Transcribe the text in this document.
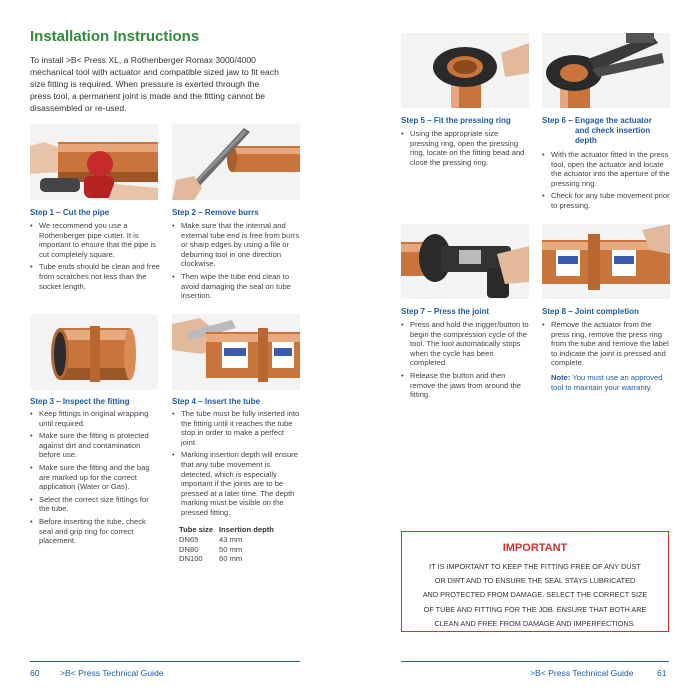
Installation Instructions
To install >B< Press XL, a Rothenberger Romax 3000/4000 mechanical tool with actuator and compatible sized jaw to fit each size fitting is required. When pressure is exerted through the press tool, a permanent joint is made and the fitting cannot be disassembled or re-used.
Step 1 – Cut the pipe
• We recommend you use a Rothenberger pipe cutter. It is important to ensure that the pipe is cut completely square.
• Tube ends should be clean and free from scratches not less than the socket length.
Step 2 – Remove burrs
• Make sure that the internal and external tube end is free from burrs or sharp edges by using a file or deburring tool in one direction clockwise.
• Then wipe the tube end clean to avoid damaging the seal on tube insertion.
Step 3 – Inspect the fitting
• Keep fittings in original wrapping until required.
• Make sure the fitting is protected against dirt and contamination before use.
• Make sure the fitting and the bag are marked up for the correct application (Water or Gas).
• Select the correct size fittings for the tube.
• Before inserting the tube, check seal and grip ring for correct placement.
Step 4 – Insert the tube
• The tube must be fully inserted into the fitting until it reaches the tube stop in order to make a perfect joint.
• Marking insertion depth will ensure that any tube movement is detected, which is especially important if the joints are to be pressed at a later time. The depth marking must be visible on the pressed fitting.
Tube size	Insertion depth
DN65	43 mm
DN80	50 mm
DN100	60 mm
60 >B< Press Technical Guide
Step 5 – Fit the pressing ring
• Using the appropriate size pressing ring, open the pressing ring, locate on the fitting bead and close the pressing ring.
Step 6 – Engage the actuator
and check insertion
depth
• With the actuator fitted in the press tool, open the actuator and locate the actuator into the aperture of the pressing ring.
• Check for any tube movement prior to pressing.
Step 7 – Press the joint
• Press and hold the trigger/button to begin the compression cycle of the tool. The tool automatically stops when the cycle has been completed.
• Release the button and then remove the jaws from around the fitting.
Step 8 – Joint completion
• Remove the actuator from the press ring, remove the press ring from the tube and remove the label to indicate the joint is pressed and complete.
Note: You must use an approved tool to maintain your warranty.
IMPORTANT
IT IS IMPORTANT TO KEEP THE FITTING FREE OF ANY DUST
OR DIRT AND TO ENSURE THE SEAL STAYS LUBRICATED
AND PROTECTED FROM DAMAGE. SELECT THE CORRECT SIZE
OF TUBE AND FITTING FOR THE JOB. ENSURE THAT BOTH ARE
CLEAN AND FREE FROM DAMAGE AND IMPERFECTIONS.
>B< Press Technical Guide	61
